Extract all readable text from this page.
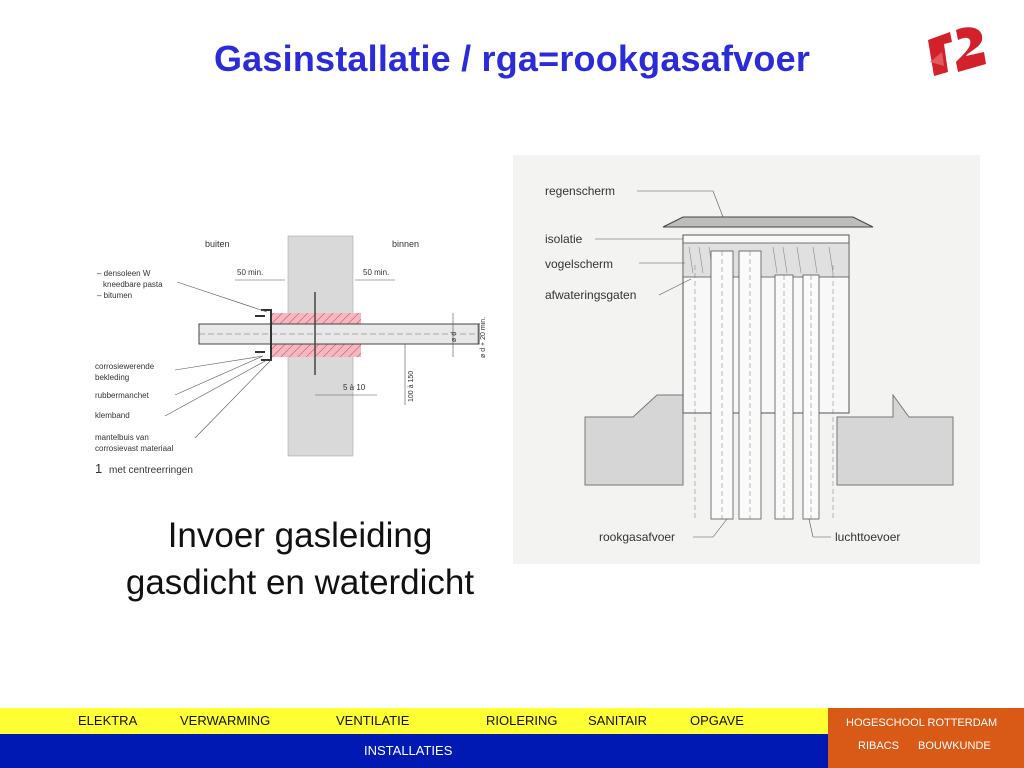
Gasinstallatie / rga=rookgasafvoer
buiten	binnen
50 min.	50 min.
– densoleen W
kneedbare pasta
– bitumen
corrosiewerende
bekleding
rubbermanchet
klemband
mantelbuis van
corrosievast materiaal
1 met centreerringen
5 à 10
ø d	ø d + 20 min.
100 à 150
regenscherm
isolatie
vogelscherm
afwateringsgaten
rookgasafvoer	luchttoevoer
Invoer gasleiding
gasdicht en waterdicht
ELEKTRA	VERWARMING	VENTILATIE	RIOLERING SANITAIR	OPGAVE
INSTALLATIES
HOGESCHOOL ROTTERDAM
RIBACS BOUWKUNDE
